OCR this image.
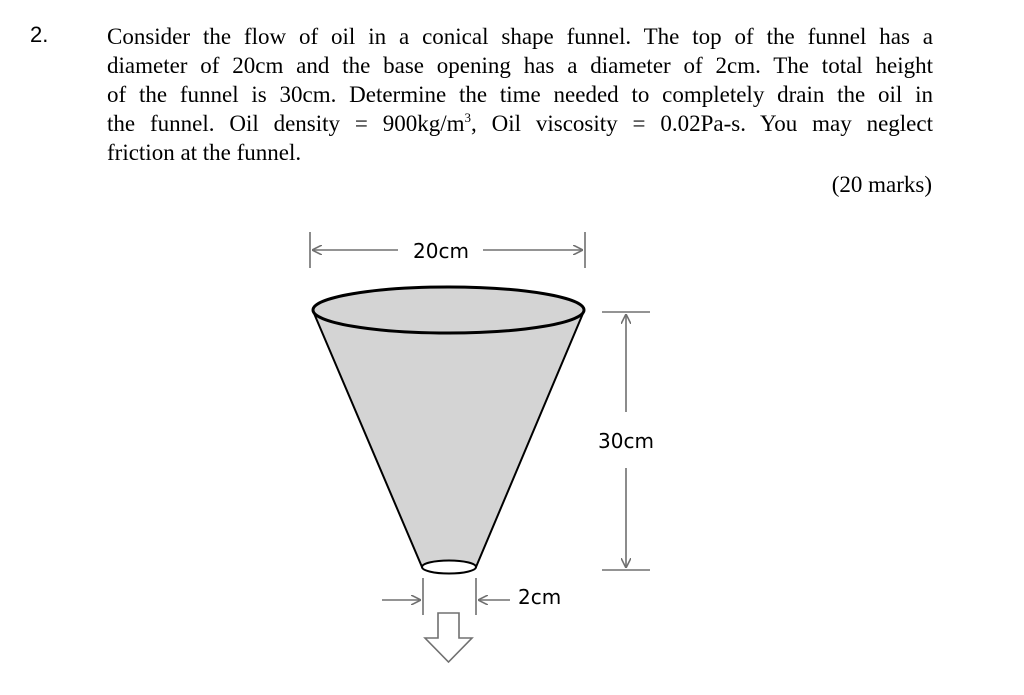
2.	Consider the flow of oil in a conical shape funnel. The top of the funnel has a
diameter of 20cm and the base opening has a diameter of 2cm. The total height
of the funnel is 30cm. Determine the time needed to completely drain the oil in
the funnel. Oil density = $900kg/m^3$, Oil viscosity = 0.02Pa-s. You may neglect
friction at the funnel.

(20 marks)
20cm
30cm
2cm
